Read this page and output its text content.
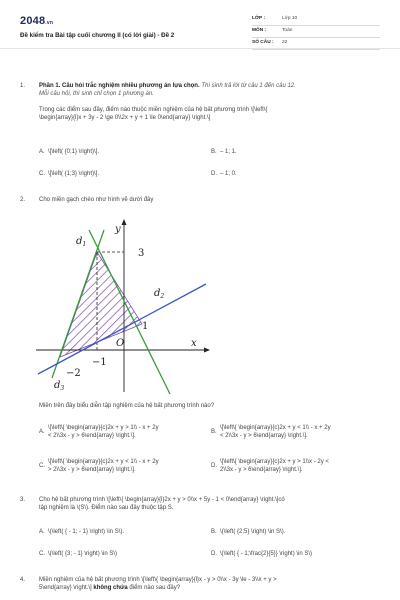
2048.vn
Đề kiểm tra Bài tập cuối chương II (có lời giải) - Đề 2
LỚP :	Lớp 10
MÔN :	Toán
SỐ CÂU :	22
1.	Phần 1. Câu hỏi trắc nghiệm nhiều phương án lựa chọn. Thí sinh trả lời từ câu 1 đến câu 12.
Mỗi câu hỏi, thí sinh chỉ chọn 1 phương án.
Trong các điểm sau đây, điểm nào thuộc miền nghiệm của hệ bất phương trình \[\left\{
\begin{array}{l}x + 3y - 2 \ge 0\\2x + y + 1 \le 0\end{array} \right.\]
A. \[\left( {0;1} \right)\].	B. – 1; 1.
C. \[\left( {1;3} \right)\].	D. – 1; 0.
2.	Cho miền gạch chéo như hình vẽ dưới đây
$d_1$
$d_2$
$d_3$
y
x
O
3
1
−1
−2
Miền trên đây biểu diễn tập nghiệm của hệ bất phương trình nào?
A.
\[\left\{ \begin{array}{c}2x + y > 1\\ - x + 2y
< 2\\3x - y > 6\end{array} \right.\].
B.
\[\left\{ \begin{array}{c}2x + y < 1\\ - x + 2y
< 2\\3x - y > 6\end{array} \right.\].
C.
\[\left\{ \begin{array}{c}2x + y < 1\\ - x + 2y
> 2\\3x - y > 6\end{array} \right.\].
D.
\[\left\{ \begin{array}{c}2x + y > 1\\x - 2y <
2\\3x - y > 6\end{array} \right.\].
3.	Cho hệ bất phương trình \[\left\{ \begin{array}{l}2x + y > 0\\x + 5y - 1 < 0\end{array} \right.\]có
tập nghiệm là \(S\). Điểm nào sau đây thuộc tập S.
A. \(\left( { - 1; - 1} \right) \in S\).	B. \(\left( {2;5} \right) \in S\).
C. \(\left( {3; - 1} \right) \in S\)	D. \(\left( { - 1;\frac{2}{5}} \right) \in S\)
4.	Miền nghiệm của hệ bất phương trình \[\left\{ \begin{array}{l}x - y > 0\\x - 3y \le - 3\\x + y >
5\end{array} \right.\] không chứa điểm nào sau đây?
